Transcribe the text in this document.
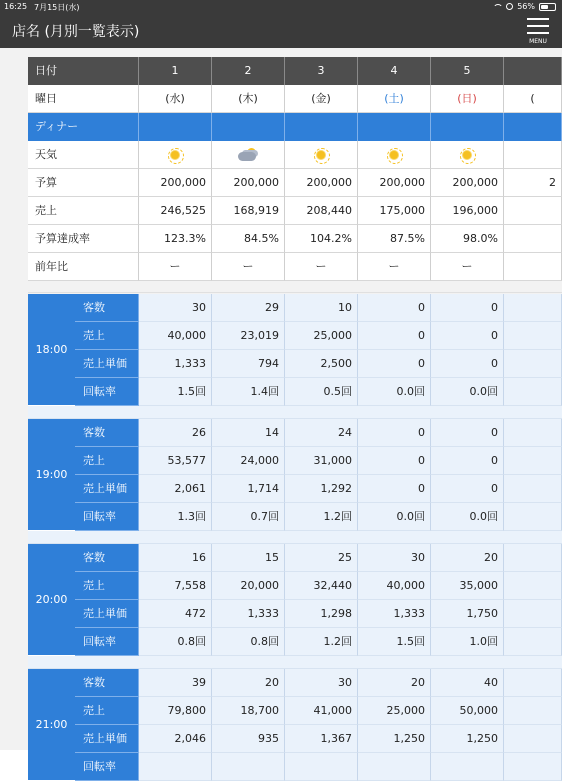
16:25 7月15日(水)	56%
店名 (月別一覧表示)
MENU
日付	1	2	3	4	5
曜日	(水)	(木)	(金)	(土)	(日)	(
ディナー
天気
予算	200,000	200,000	200,000	200,000	200,000	2
売上	246,525	168,919	208,440	175,000	196,000
予算達成率	123.3%	84.5%	104.2%	87.5%	98.0%
前年比	ー	ー	ー	ー	ー
18:00
客数	30	29	10	0	0
売上	40,000	23,019	25,000	0	0
売上単価	1,333	794	2,500	0	0
回転率	1.5回	1.4回	0.5回	0.0回	0.0回
19:00
客数	26	14	24	0	0
売上	53,577	24,000	31,000	0	0
売上単価	2,061	1,714	1,292	0	0
回転率	1.3回	0.7回	1.2回	0.0回	0.0回
20:00
客数	16	15	25	30	20
売上	7,558	20,000	32,440	40,000	35,000
売上単価	472	1,333	1,298	1,333	1,750
回転率	0.8回	0.8回	1.2回	1.5回	1.0回
21:00
客数	39	20	30	20	40
売上	79,800	18,700	41,000	25,000	50,000
売上単価	2,046	935	1,367	1,250	1,250
回転率
